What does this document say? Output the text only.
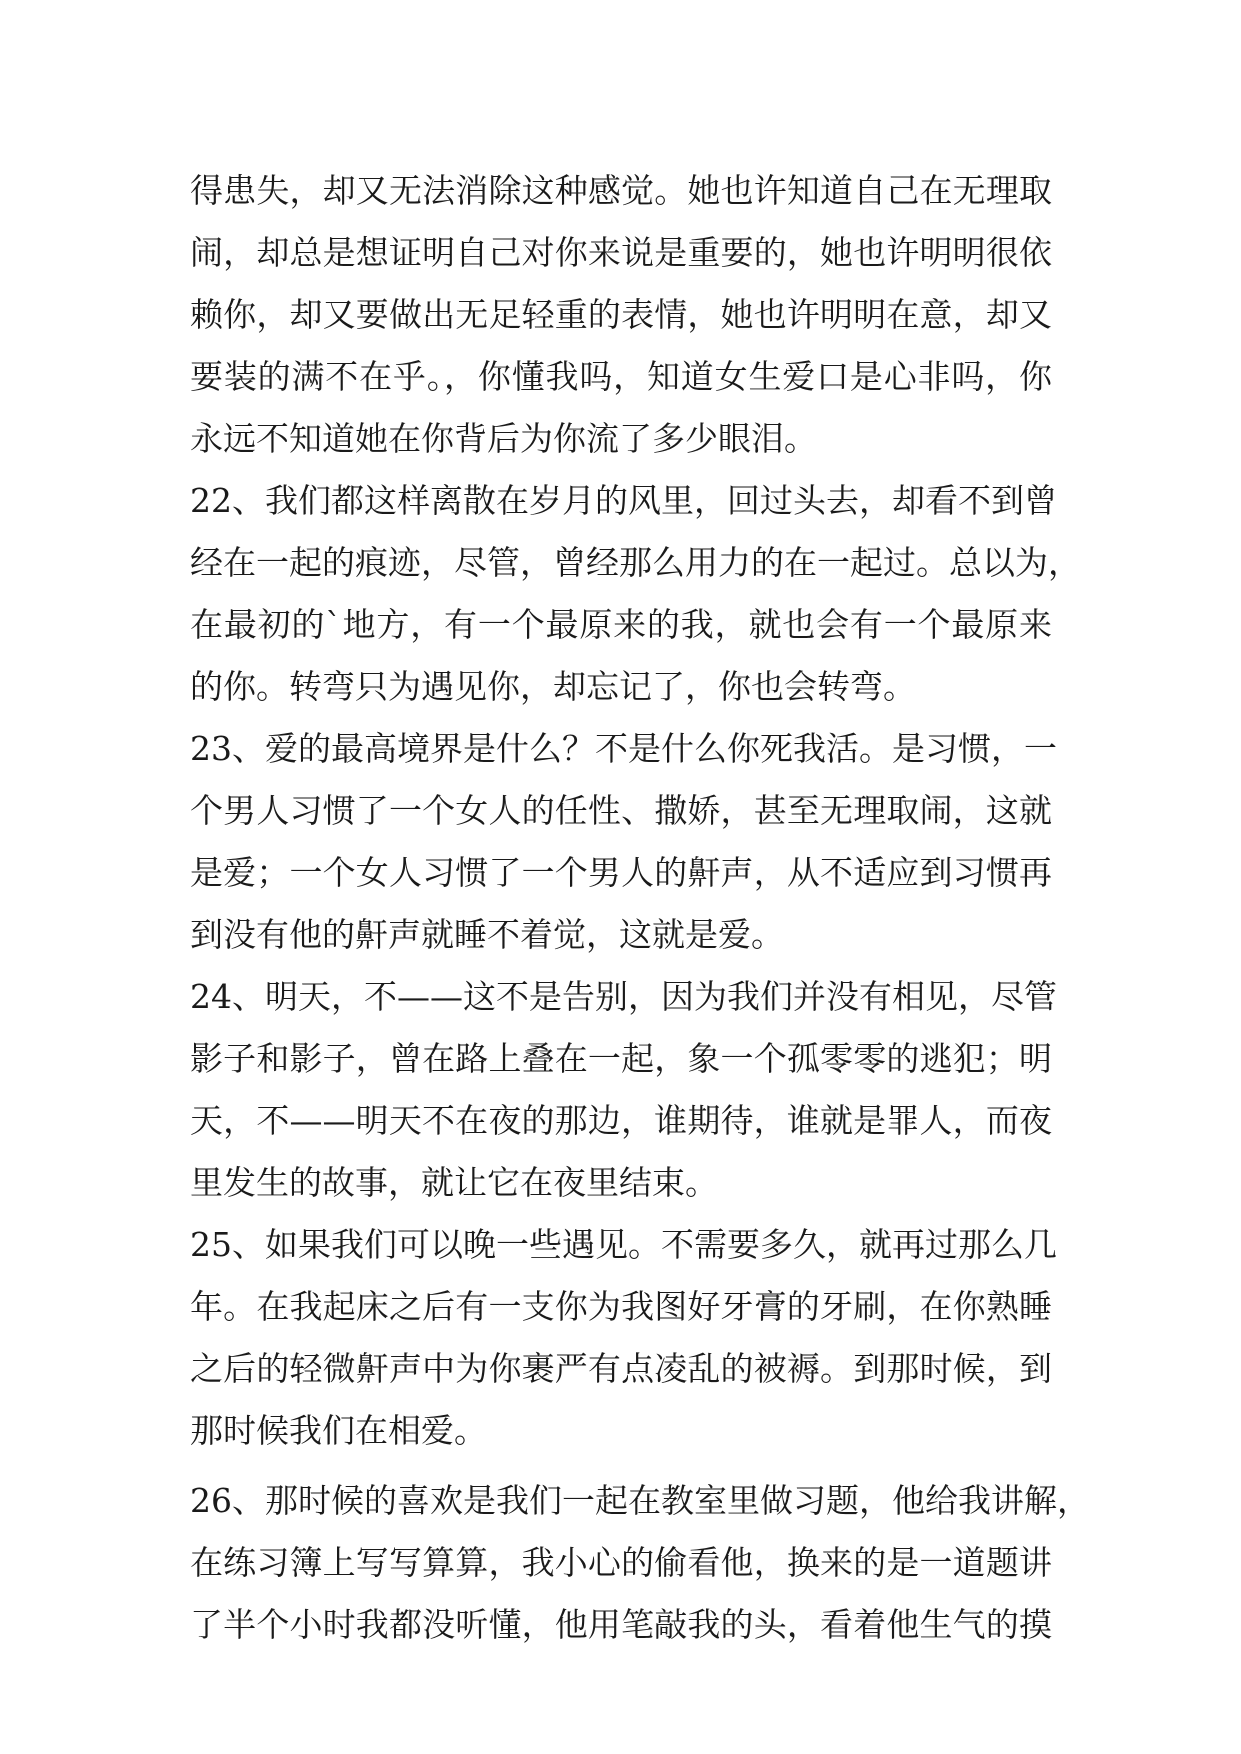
得患失，却又无法消除这种感觉。她也许知道自己在无理取
闹，却总是想证明自己对你来说是重要的，她也许明明很依
赖你，却又要做出无足轻重的表情，她也许明明在意，却又
要装的满不在乎。，你懂我吗，知道女生爱口是心非吗，你
永远不知道她在你背后为你流了多少眼泪。
22、我们都这样离散在岁月的风里，回过头去，却看不到曾
经在一起的痕迹，尽管，曾经那么用力的在一起过。总以为，
在最初的`地方，有一个最原来的我，就也会有一个最原来
的你。转弯只为遇见你，却忘记了，你也会转弯。
23、爱的最高境界是什么？不是什么你死我活。是习惯，一
个男人习惯了一个女人的任性、撒娇，甚至无理取闹，这就
是爱；一个女人习惯了一个男人的鼾声，从不适应到习惯再
到没有他的鼾声就睡不着觉，这就是爱。
24、明天，不——这不是告别，因为我们并没有相见，尽管
影子和影子，曾在路上叠在一起，象一个孤零零的逃犯；明
天，不——明天不在夜的那边，谁期待，谁就是罪人，而夜
里发生的故事，就让它在夜里结束。
25、如果我们可以晚一些遇见。不需要多久，就再过那么几
年。在我起床之后有一支你为我图好牙膏的牙刷，在你熟睡
之后的轻微鼾声中为你裹严有点凌乱的被褥。到那时候，到
那时候我们在相爱。
26、那时候的喜欢是我们一起在教室里做习题，他给我讲解，
在练习簿上写写算算，我小心的偷看他，换来的是一道题讲
了半个小时我都没听懂，他用笔敲我的头，看着他生气的摸
